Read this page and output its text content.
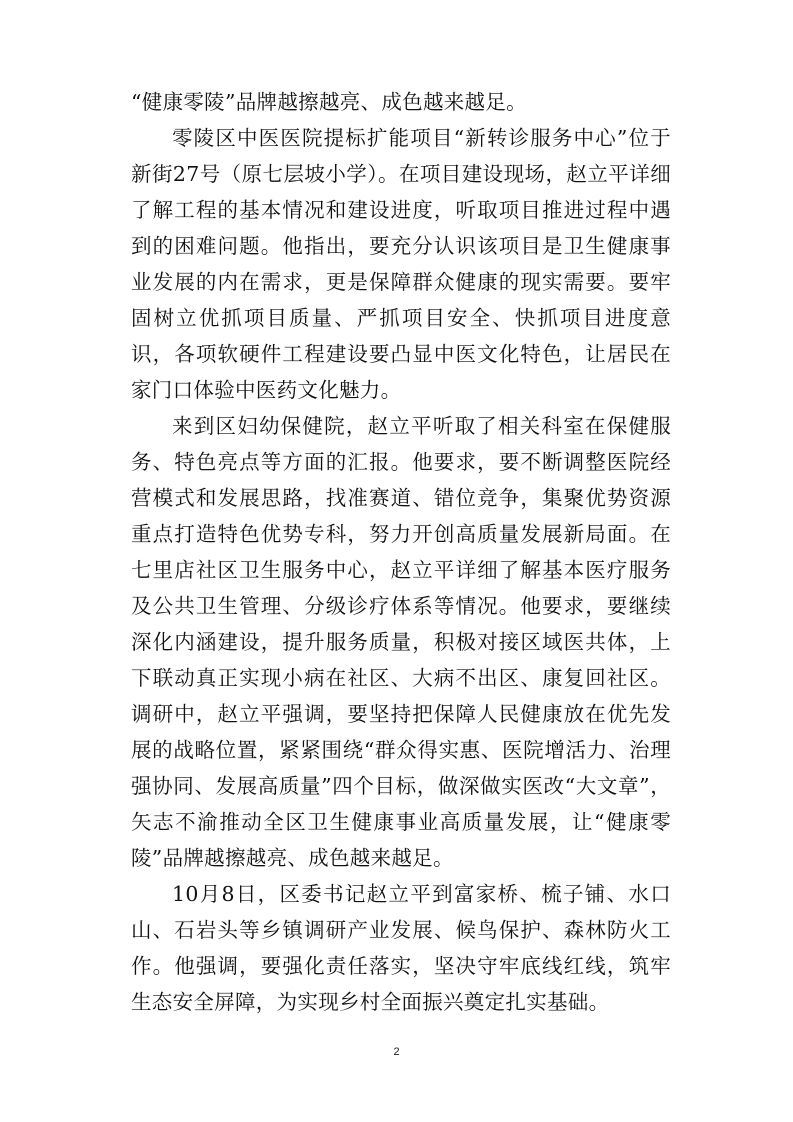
“健康零陵”品牌越擦越亮、成色越来越足。

零陵区中医医院提标扩能项目“新转诊服务中心”位于新街27号（原七层坡小学）。在项目建设现场，赵立平详细了解工程的基本情况和建设进度，听取项目推进过程中遇到的困难问题。他指出，要充分认识该项目是卫生健康事业发展的内在需求，更是保障群众健康的现实需要。要牢固树立优抓项目质量、严抓项目安全、快抓项目进度意识，各项软硬件工程建设要凸显中医文化特色，让居民在家门口体验中医药文化魅力。

来到区妇幼保健院，赵立平听取了相关科室在保健服务、特色亮点等方面的汇报。他要求，要不断调整医院经营模式和发展思路，找准赛道、错位竞争，集聚优势资源重点打造特色优势专科，努力开创高质量发展新局面。在七里店社区卫生服务中心，赵立平详细了解基本医疗服务及公共卫生管理、分级诊疗体系等情况。他要求，要继续深化内涵建设，提升服务质量，积极对接区域医共体，上下联动真正实现小病在社区、大病不出区、康复回社区。调研中，赵立平强调，要坚持把保障人民健康放在优先发展的战略位置，紧紧围绕“群众得实惠、医院增活力、治理强协同、发展高质量”四个目标，做深做实医改“大文章”，矢志不渝推动全区卫生健康事业高质量发展，让“健康零陵”品牌越擦越亮、成色越来越足。

10月8日，区委书记赵立平到富家桥、梳子铺、水口山、石岩头等乡镇调研产业发展、候鸟保护、森林防火工作。他强调，要强化责任落实，坚决守牢底线红线，筑牢生态安全屏障，为实现乡村全面振兴奠定扎实基础。

2
